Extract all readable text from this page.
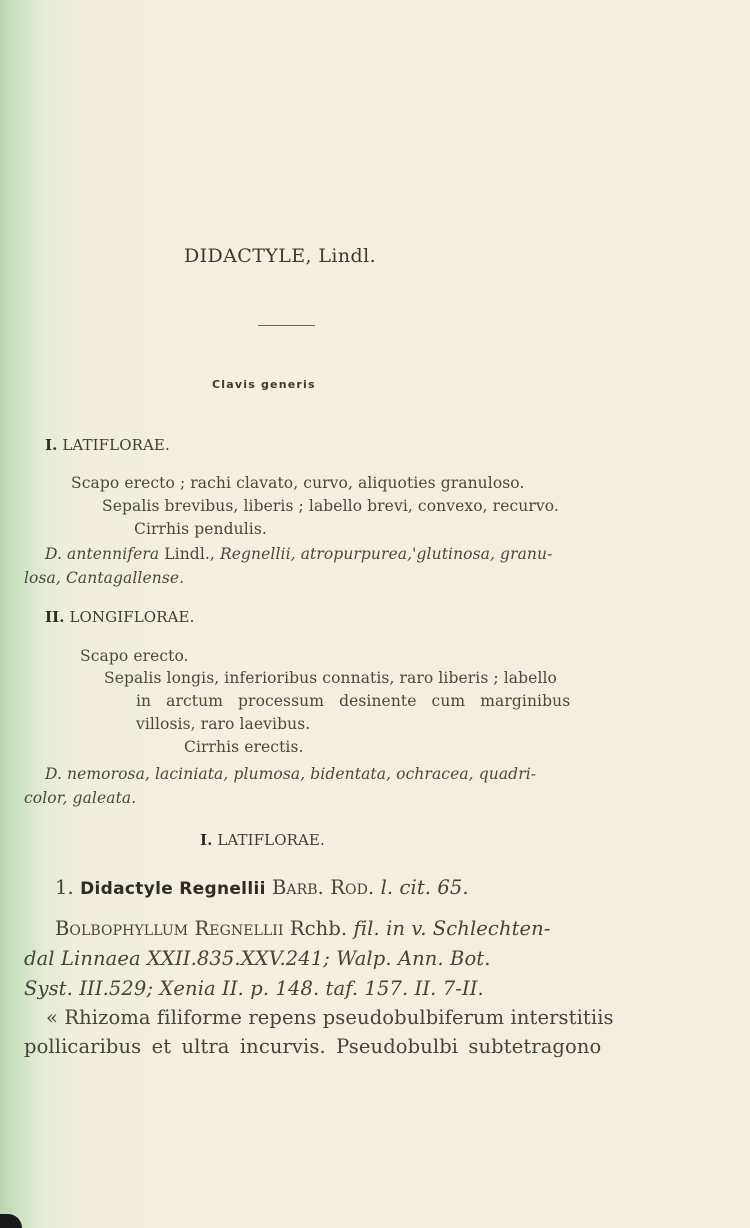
DIDACTYLE, Lindl.
Clavis generis
I. LATIFLORAE.
Scapo erecto ; rachi clavato, curvo, aliquoties granuloso.
Sepalis brevibus, liberis ; labello brevi, convexo, recurvo.
Cirrhis pendulis.
D. antennifera Lindl., Regnellii, atropurpurea,'glutinosa, granu-
losa, Cantagallense.
II. LONGIFLORAE.
Scapo erecto.
Sepalis longis, inferioribus connatis, raro liberis ; labello
in arctum processum desinente cum marginibus
villosis, raro laevibus.
Cirrhis erectis.
D. nemorosa, laciniata, plumosa, bidentata, ochracea, quadri-
color, galeata.
I. LATIFLORAE.
1. Didactyle Regnellii Barb. Rod. l. cit. 65.
Bolbophyllum Regnellii Rchb. fil. in v. Schlechten-
dal Linnaea XXII.835.XXV.241; Walp. Ann. Bot.
Syst. III.529; Xenia II. p. 148. taf. 157. II. 7-II.
« Rhizoma filiforme repens pseudobulbiferum interstitiis
pollicaribus et ultra incurvis. Pseudobulbi subtetragono
